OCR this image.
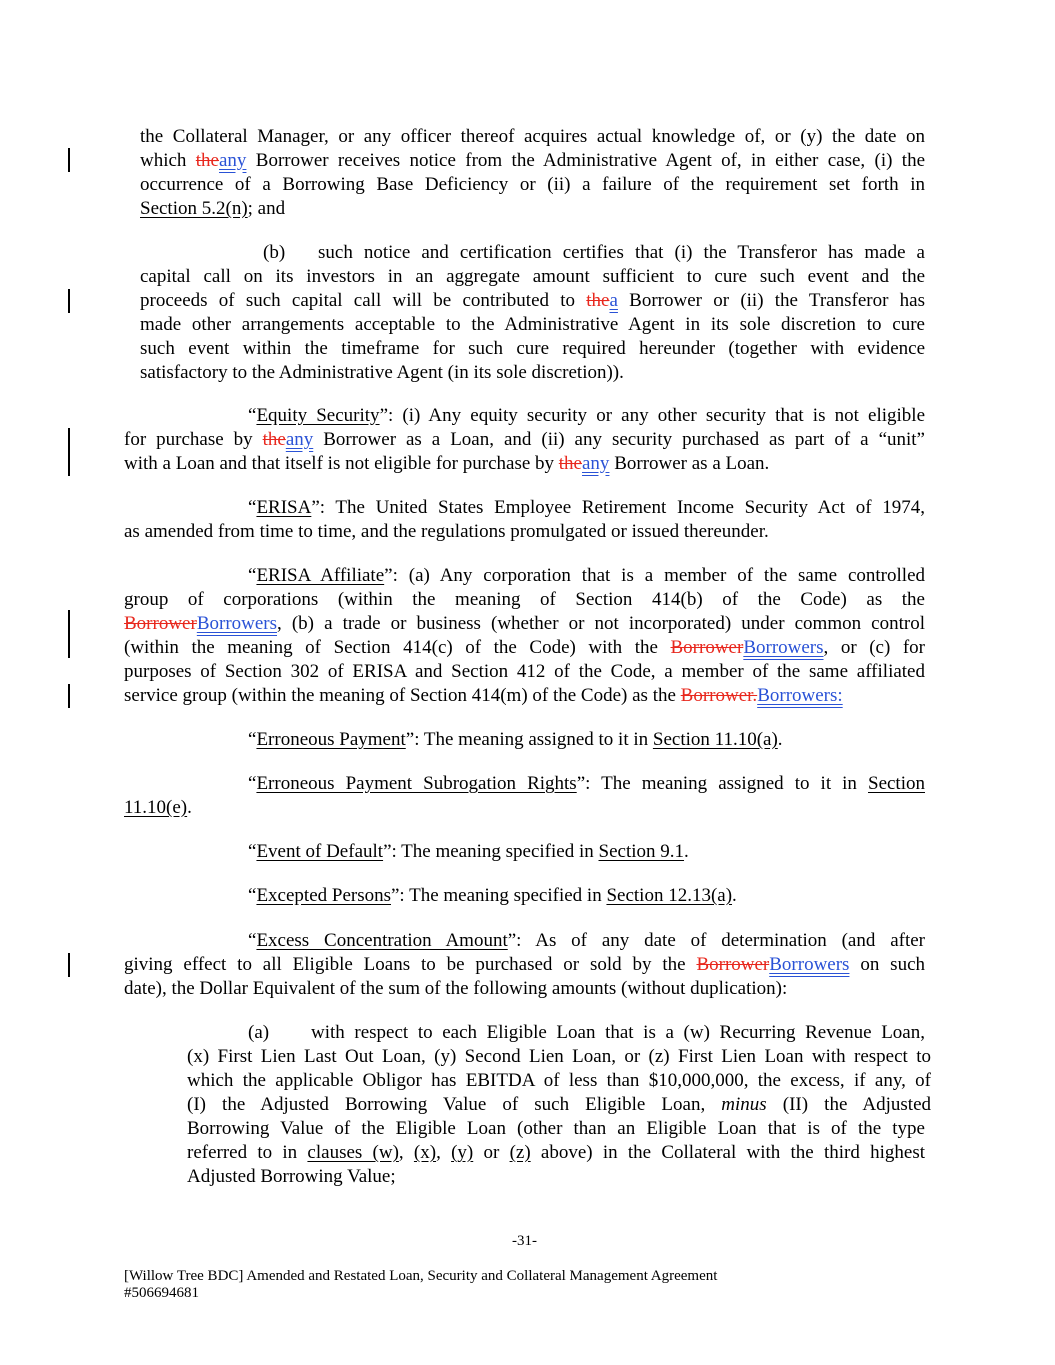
the Collateral Manager, or any officer thereof acquires actual knowledge of, or (y) the date on
which theany Borrower receives notice from the Administrative Agent of, in either case, (i) the
occurrence of a Borrowing Base Deficiency or (ii) a failure of the requirement set forth in
Section 5.2(n); and
(b) such notice and certification certifies that (i) the Transferor has made a
capital call on its investors in an aggregate amount sufficient to cure such event and the
proceeds of such capital call will be contributed to thea Borrower or (ii) the Transferor has
made other arrangements acceptable to the Administrative Agent in its sole discretion to cure
such event within the timeframe for such cure required hereunder (together with evidence
satisfactory to the Administrative Agent (in its sole discretion)).
“Equity Security”: (i) Any equity security or any other security that is not eligible
for purchase by theany Borrower as a Loan, and (ii) any security purchased as part of a “unit”
with a Loan and that itself is not eligible for purchase by theany Borrower as a Loan.
“ERISA”: The United States Employee Retirement Income Security Act of 1974,
as amended from time to time, and the regulations promulgated or issued thereunder.
“ERISA Affiliate”: (a) Any corporation that is a member of the same controlled
group of corporations (within the meaning of Section 414(b) of the Code) as the
BorrowerBorrowers, (b) a trade or business (whether or not incorporated) under common control
(within the meaning of Section 414(c) of the Code) with the BorrowerBorrowers, or (c) for
purposes of Section 302 of ERISA and Section 412 of the Code, a member of the same affiliated
service group (within the meaning of Section 414(m) of the Code) as the Borrower.Borrowers:
“Erroneous Payment”: The meaning assigned to it in Section 11.10(a).
“Erroneous Payment Subrogation Rights”: The meaning assigned to it in Section
11.10(e).
“Event of Default”: The meaning specified in Section 9.1.
“Excepted Persons”: The meaning specified in Section 12.13(a).
“Excess Concentration Amount”: As of any date of determination (and after
giving effect to all Eligible Loans to be purchased or sold by the BorrowerBorrowers on such
date), the Dollar Equivalent of the sum of the following amounts (without duplication):
(a) with respect to each Eligible Loan that is a (w) Recurring Revenue Loan,
(x) First Lien Last Out Loan, (y) Second Lien Loan, or (z) First Lien Loan with respect to
which the applicable Obligor has EBITDA of less than $10,000,000, the excess, if any, of
(I) the Adjusted Borrowing Value of such Eligible Loan, minus (II) the Adjusted
Borrowing Value of the Eligible Loan (other than an Eligible Loan that is of the type
referred to in clauses (w), (x), (y) or (z) above) in the Collateral with the third highest
Adjusted Borrowing Value;
-31-
[Willow Tree BDC] Amended and Restated Loan, Security and Collateral Management Agreement
#506694681
